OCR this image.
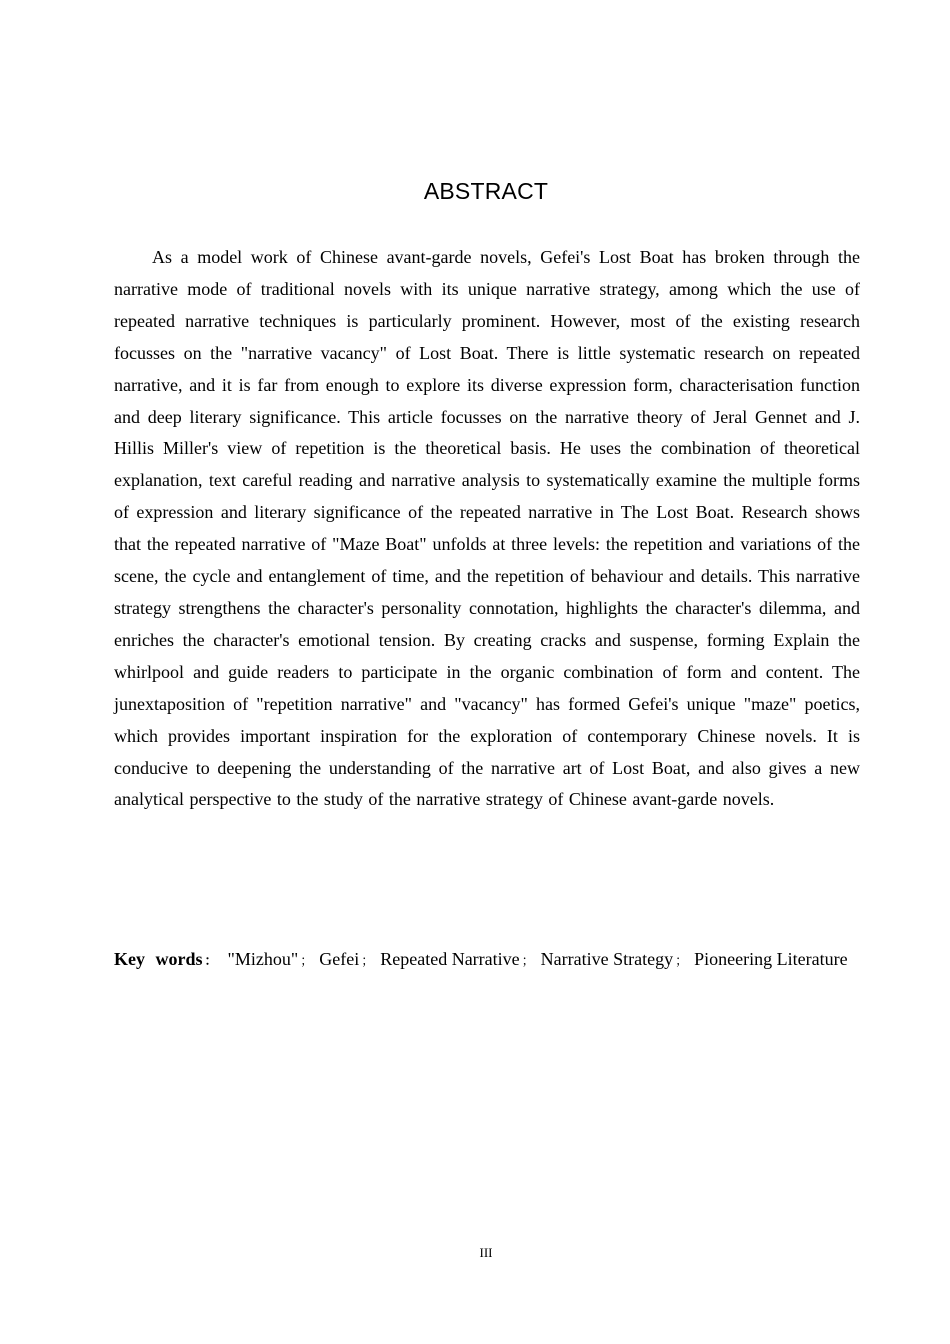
ABSTRACT

As a model work of Chinese avant-garde novels, Gefei's Lost Boat has broken through the narrative mode of traditional novels with its unique narrative strategy, among which the use of repeated narrative techniques is particularly prominent. However, most of the existing research focusses on the "narrative vacancy" of Lost Boat. There is little systematic research on repeated narrative, and it is far from enough to explore its diverse expression form, characterisation function and deep literary significance. This article focusses on the narrative theory of Jeral Gennet and J. Hillis Miller's view of repetition is the theoretical basis. He uses the combination of theoretical explanation, text careful reading and narrative analysis to systematically examine the multiple forms of expression and literary significance of the repeated narrative in The Lost Boat. Research shows that the repeated narrative of "Maze Boat" unfolds at three levels: the repetition and variations of the scene, the cycle and entanglement of time, and the repetition of behaviour and details. This narrative strategy strengthens the character's personality connotation, highlights the character's dilemma, and enriches the character's emotional tension. By creating cracks and suspense, forming Explain the whirlpool and guide readers to participate in the organic combination of form and content. The junextaposition of "repetition narrative" and "vacancy" has formed Gefei's unique "maze" poetics, which provides important inspiration for the exploration of contemporary Chinese novels. It is conducive to deepening the understanding of the narrative art of Lost Boat, and also gives a new analytical perspective to the study of the narrative strategy of Chinese avant-garde novels.

Key words ： "Mizhou" ； Gefei ； Repeated Narrative ； Narrative Strategy ； Pioneering Literature

III
